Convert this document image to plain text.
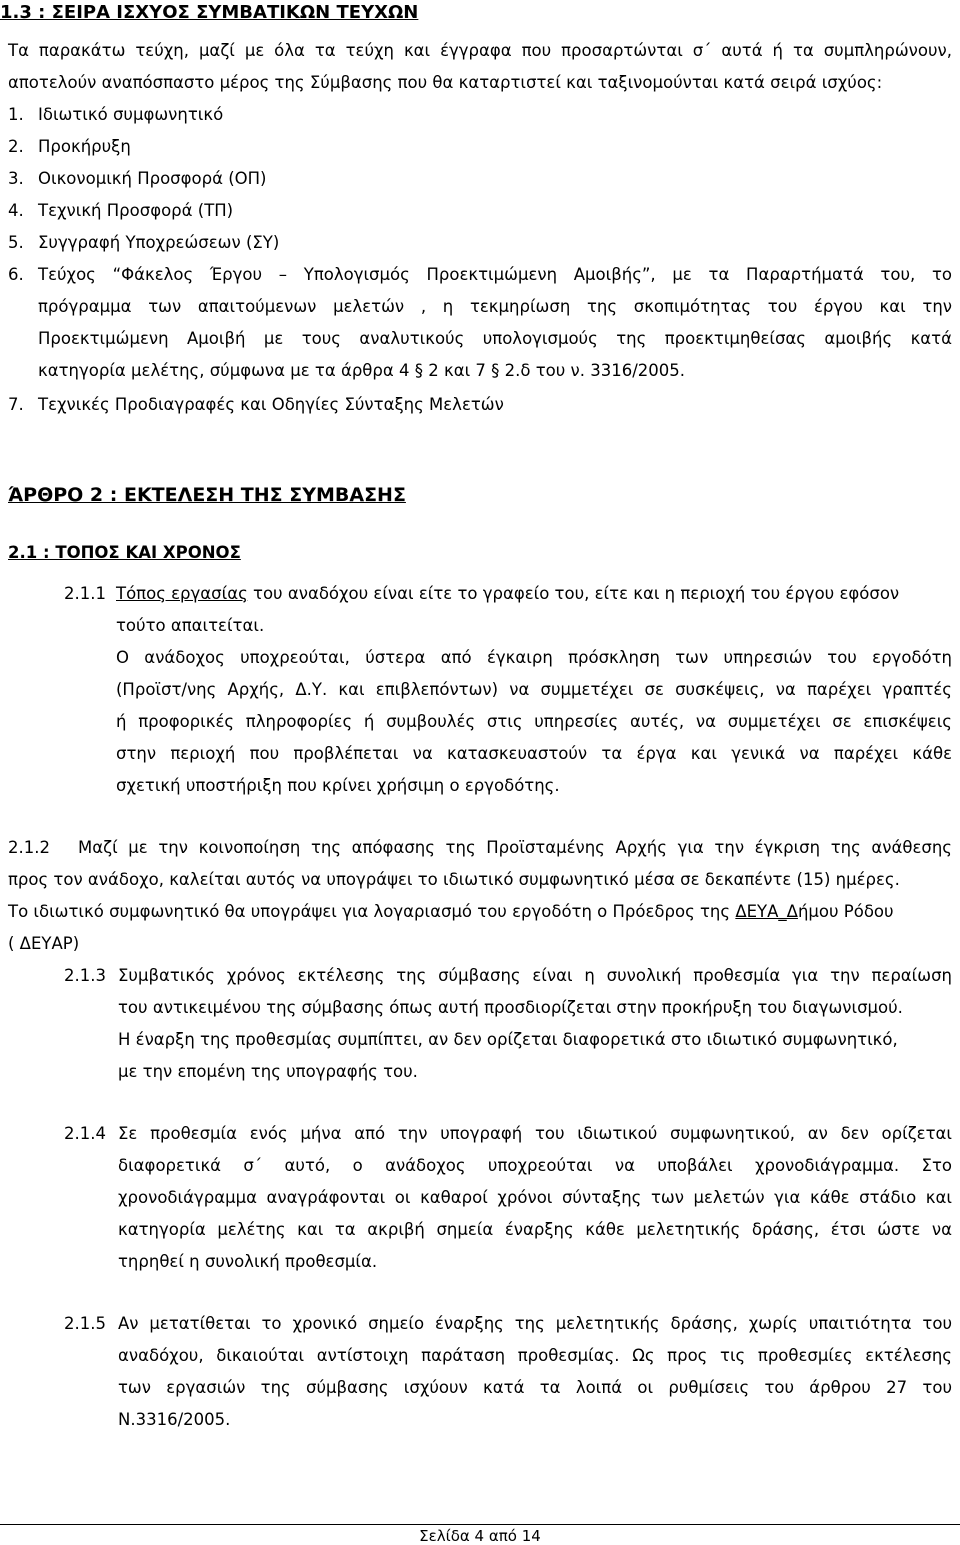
1.3 : ΣΕΙΡΑ ΙΣΧΥΟΣ ΣΥΜΒΑΤΙΚΩΝ ΤΕΥΧΩΝ
Τα παρακάτω τεύχη, μαζί με όλα τα τεύχη και έγγραφα που προσαρτώνται σ΄ αυτά ή τα συμπληρώνουν,
αποτελούν αναπόσπαστο μέρος της Σύμβασης που θα καταρτιστεί και ταξινομούνται κατά σειρά ισχύος:
1. Ιδιωτικό συμφωνητικό
2. Προκήρυξη
3. Οικονομική Προσφορά (ΟΠ)
4. Τεχνική Προσφορά (ΤΠ)
5. Συγγραφή Υποχρεώσεων (ΣΥ)
6. Τεύχος “Φάκελος Έργου – Υπολογισμός Προεκτιμώμενη Αμοιβής”, με τα Παραρτήματά του, το
πρόγραμμα των απαιτούμενων μελετών , η τεκμηρίωση της σκοπιμότητας του έργου και την
Προεκτιμώμενη Αμοιβή με τους αναλυτικούς υπολογισμούς της προεκτιμηθείσας αμοιβής κατά
κατηγορία μελέτης, σύμφωνα με τα άρθρα 4 § 2 και 7 § 2.δ του ν. 3316/2005.
7. Τεχνικές Προδιαγραφές και Οδηγίες Σύνταξης Μελετών
ΆΡΘΡΟ 2 : ΕΚΤΕΛΕΣΗ ΤΗΣ ΣΥΜΒΑΣΗΣ
2.1 : ΤΟΠΟΣ ΚΑΙ ΧΡΟΝΟΣ
2.1.1 Τόπος εργασίας του αναδόχου είναι είτε το γραφείο του, είτε και η περιοχή του έργου εφόσον
τούτο απαιτείται.
Ο ανάδοχος υποχρεούται, ύστερα από έγκαιρη πρόσκληση των υπηρεσιών του εργοδότη
(Προϊστ/νης Αρχής, Δ.Υ. και επιβλεπόντων) να συμμετέχει σε συσκέψεις, να παρέχει γραπτές
ή προφορικές πληροφορίες ή συμβουλές στις υπηρεσίες αυτές, να συμμετέχει σε επισκέψεις
στην περιοχή που προβλέπεται να κατασκευαστούν τα έργα και γενικά να παρέχει κάθε
σχετική υποστήριξη που κρίνει χρήσιμη ο εργοδότης.
2.1.2 Μαζί με την κοινοποίηση της απόφασης της Προϊσταμένης Αρχής για την έγκριση της ανάθεσης
προς τον ανάδοχο, καλείται αυτός να υπογράψει το ιδιωτικό συμφωνητικό μέσα σε δεκαπέντε (15) ημέρες.
Το ιδιωτικό συμφωνητικό θα υπογράψει για λογαριασμό του εργοδότη ο Πρόεδρος της ΔΕΥΑ_Δήμου Ρόδου
( ΔΕΥΑΡ)
2.1.3 Συμβατικός χρόνος εκτέλεσης της σύμβασης είναι η συνολική προθεσμία για την περαίωση
του αντικειμένου της σύμβασης όπως αυτή προσδιορίζεται στην προκήρυξη του διαγωνισμού.
Η έναρξη της προθεσμίας συμπίπτει, αν δεν ορίζεται διαφορετικά στο ιδιωτικό συμφωνητικό,
με την επομένη της υπογραφής του.
2.1.4 Σε προθεσμία ενός μήνα από την υπογραφή του ιδιωτικού συμφωνητικού, αν δεν ορίζεται
διαφορετικά σ΄ αυτό, ο ανάδοχος υποχρεούται να υποβάλει χρονοδιάγραμμα. Στο
χρονοδιάγραμμα αναγράφονται οι καθαροί χρόνοι σύνταξης των μελετών για κάθε στάδιο και
κατηγορία μελέτης και τα ακριβή σημεία έναρξης κάθε μελετητικής δράσης, έτσι ώστε να
τηρηθεί η συνολική προθεσμία.
2.1.5 Αν μετατίθεται το χρονικό σημείο έναρξης της μελετητικής δράσης, χωρίς υπαιτιότητα του
αναδόχου, δικαιούται αντίστοιχη παράταση προθεσμίας. Ως προς τις προθεσμίες εκτέλεσης
των εργασιών της σύμβασης ισχύουν κατά τα λοιπά οι ρυθμίσεις του άρθρου 27 του
Ν.3316/2005.
Σελίδα 4 από 14
